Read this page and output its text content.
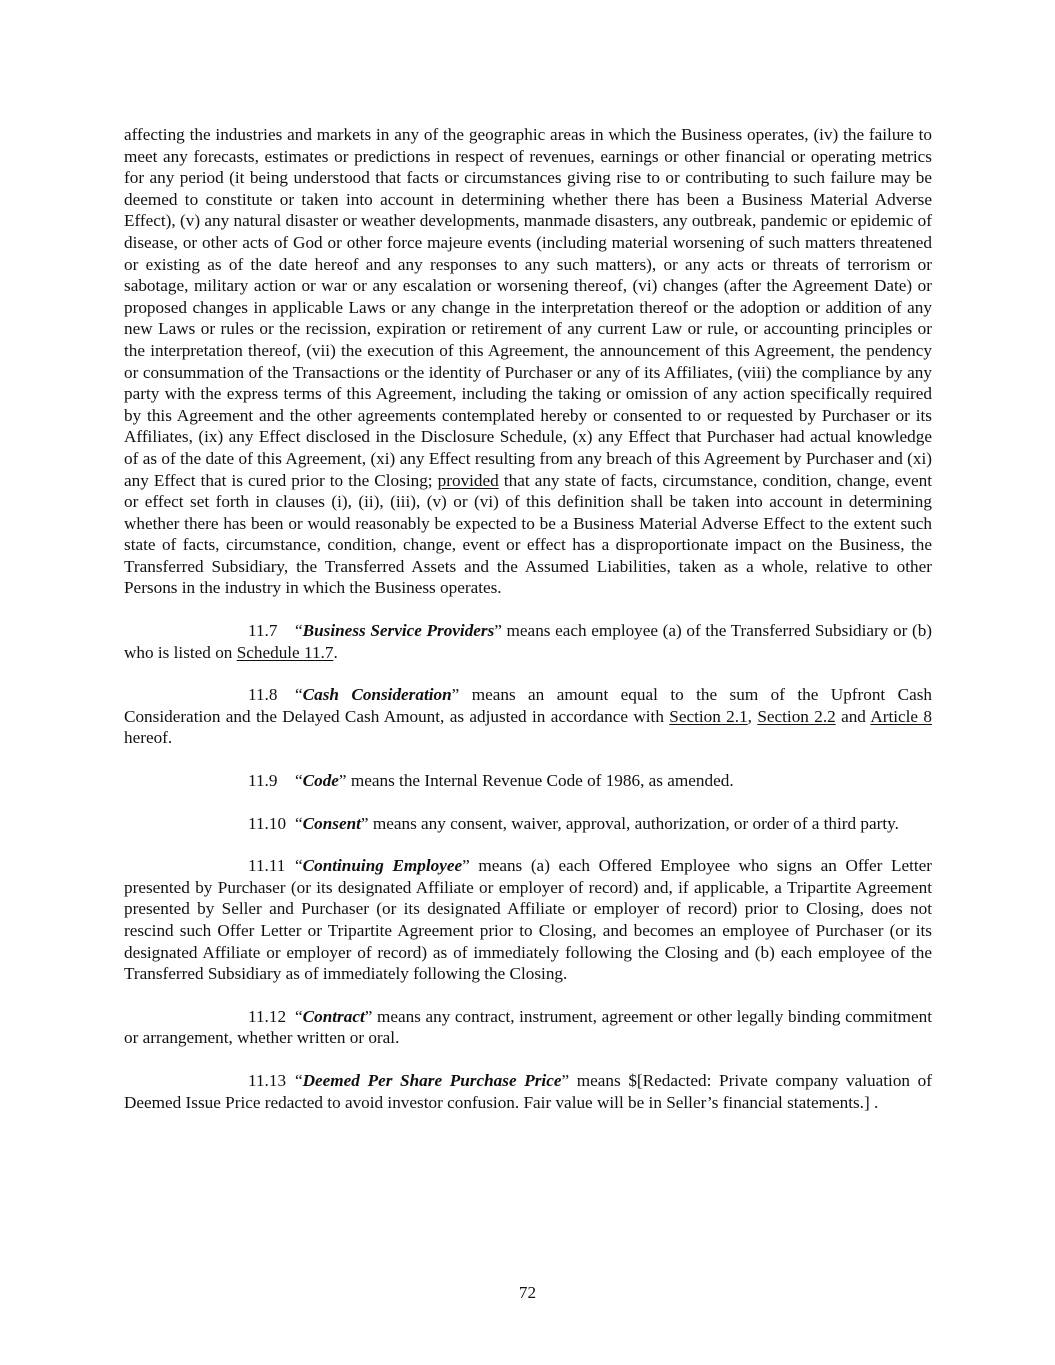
affecting the industries and markets in any of the geographic areas in which the Business operates, (iv) the failure to meet any forecasts, estimates or predictions in respect of revenues, earnings or other financial or operating metrics for any period (it being understood that facts or circumstances giving rise to or contributing to such failure may be deemed to constitute or taken into account in determining whether there has been a Business Material Adverse Effect), (v) any natural disaster or weather developments, manmade disasters, any outbreak, pandemic or epidemic of disease, or other acts of God or other force majeure events (including material worsening of such matters threatened or existing as of the date hereof and any responses to any such matters), or any acts or threats of terrorism or sabotage, military action or war or any escalation or worsening thereof, (vi) changes (after the Agreement Date) or proposed changes in applicable Laws or any change in the interpretation thereof or the adoption or addition of any new Laws or rules or the recission, expiration or retirement of any current Law or rule, or accounting principles or the interpretation thereof, (vii) the execution of this Agreement, the announcement of this Agreement, the pendency or consummation of the Transactions or the identity of Purchaser or any of its Affiliates, (viii) the compliance by any party with the express terms of this Agreement, including the taking or omission of any action specifically required by this Agreement and the other agreements contemplated hereby or consented to or requested by Purchaser or its Affiliates, (ix) any Effect disclosed in the Disclosure Schedule, (x) any Effect that Purchaser had actual knowledge of as of the date of this Agreement, (xi) any Effect resulting from any breach of this Agreement by Purchaser and (xi) any Effect that is cured prior to the Closing; provided that any state of facts, circumstance, condition, change, event or effect set forth in clauses (i), (ii), (iii), (v) or (vi) of this definition shall be taken into account in determining whether there has been or would reasonably be expected to be a Business Material Adverse Effect to the extent such state of facts, circumstance, condition, change, event or effect has a disproportionate impact on the Business, the Transferred Subsidiary, the Transferred Assets and the Assumed Liabilities, taken as a whole, relative to other Persons in the industry in which the Business operates.

11.7 “Business Service Providers” means each employee (a) of the Transferred Subsidiary or (b) who is listed on Schedule 11.7.

11.8 “Cash Consideration” means an amount equal to the sum of the Upfront Cash Consideration and the Delayed Cash Amount, as adjusted in accordance with Section 2.1, Section 2.2 and Article 8 hereof.

11.9 “Code” means the Internal Revenue Code of 1986, as amended.

11.10 “Consent” means any consent, waiver, approval, authorization, or order of a third party.

11.11 “Continuing Employee” means (a) each Offered Employee who signs an Offer Letter presented by Purchaser (or its designated Affiliate or employer of record) and, if applicable, a Tripartite Agreement presented by Seller and Purchaser (or its designated Affiliate or employer of record) prior to Closing, does not rescind such Offer Letter or Tripartite Agreement prior to Closing, and becomes an employee of Purchaser (or its designated Affiliate or employer of record) as of immediately following the Closing and (b) each employee of the Transferred Subsidiary as of immediately following the Closing.

11.12 “Contract” means any contract, instrument, agreement or other legally binding commitment or arrangement, whether written or oral.

11.13 “Deemed Per Share Purchase Price” means $[Redacted: Private company valuation of Deemed Issue Price redacted to avoid investor confusion. Fair value will be in Seller’s financial statements.] .

72
